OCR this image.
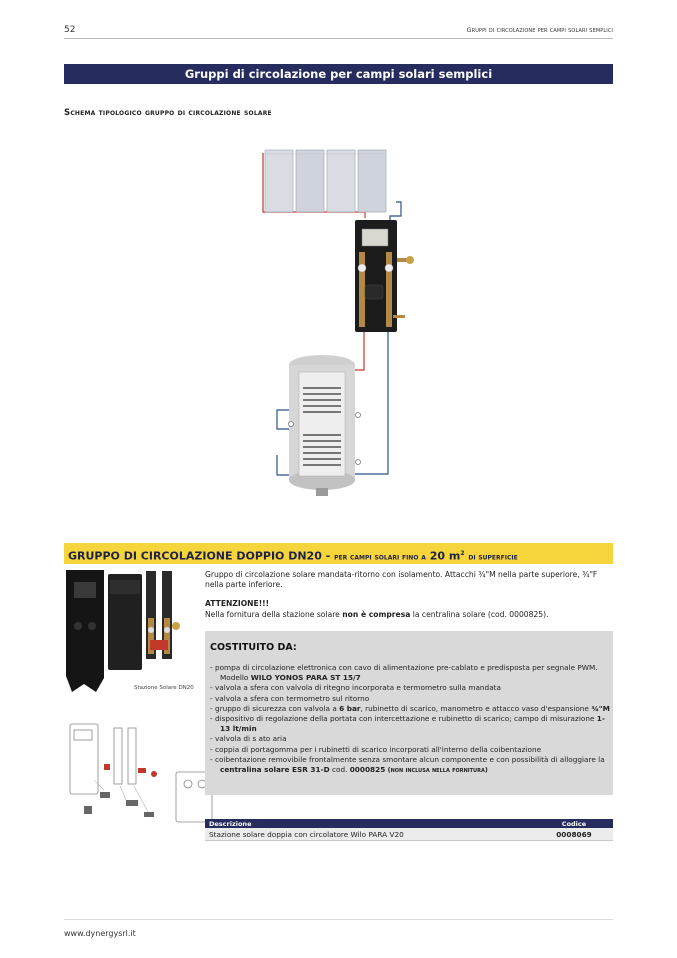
52	Gruppi di circolazione per campi solari semplici
Gruppi di circolazione per campi solari semplici
Schema tipologico gruppo di circolazione solare
GRUPPO DI CIRCOLAZIONE DOPPIO DN20 - per campi solari fino a 20 $m^2$ di superficie
Stazione Solare DN20
Gruppo di circolazione solare mandata-ritorno con isolamento. Attacchi ¾"M nella parte superiore, ¾"F nella parte inferiore.
ATTENZIONE!!!
Nella fornitura della stazione solare non è compresa la centralina solare (cod. 0000825).
COSTITUITO DA:
- pompa di circolazione elettronica con cavo di alimentazione pre-cablato e predisposta per segnale PWM. Modello WILO YONOS PARA ST 15/7
- valvola a sfera con valvola di ritegno incorporata e termometro sulla mandata
- valvola a sfera con termometro sul ritorno
- gruppo di sicurezza con valvola a 6 bar, rubinetto di scarico, manometro e attacco vaso d'espansione ¾"M
- dispositivo di regolazione della portata con intercettazione e rubinetto di scarico; campo di misurazione 1-13 lt/min
- valvola di s ato aria
- coppia di portagomma per i rubinetti di scarico incorporati all'interno della coibentazione
- coibentazione removibile frontalmente senza smontare alcun componente e con possibilità di alloggiare la centralina solare ESR 31-D cod. 0000825 (non inclusa nella fornitura)
Descrizione	Codice
Stazione solare doppia con circolatore Wilo PARA V20	0008069
www.dynergysrl.it
